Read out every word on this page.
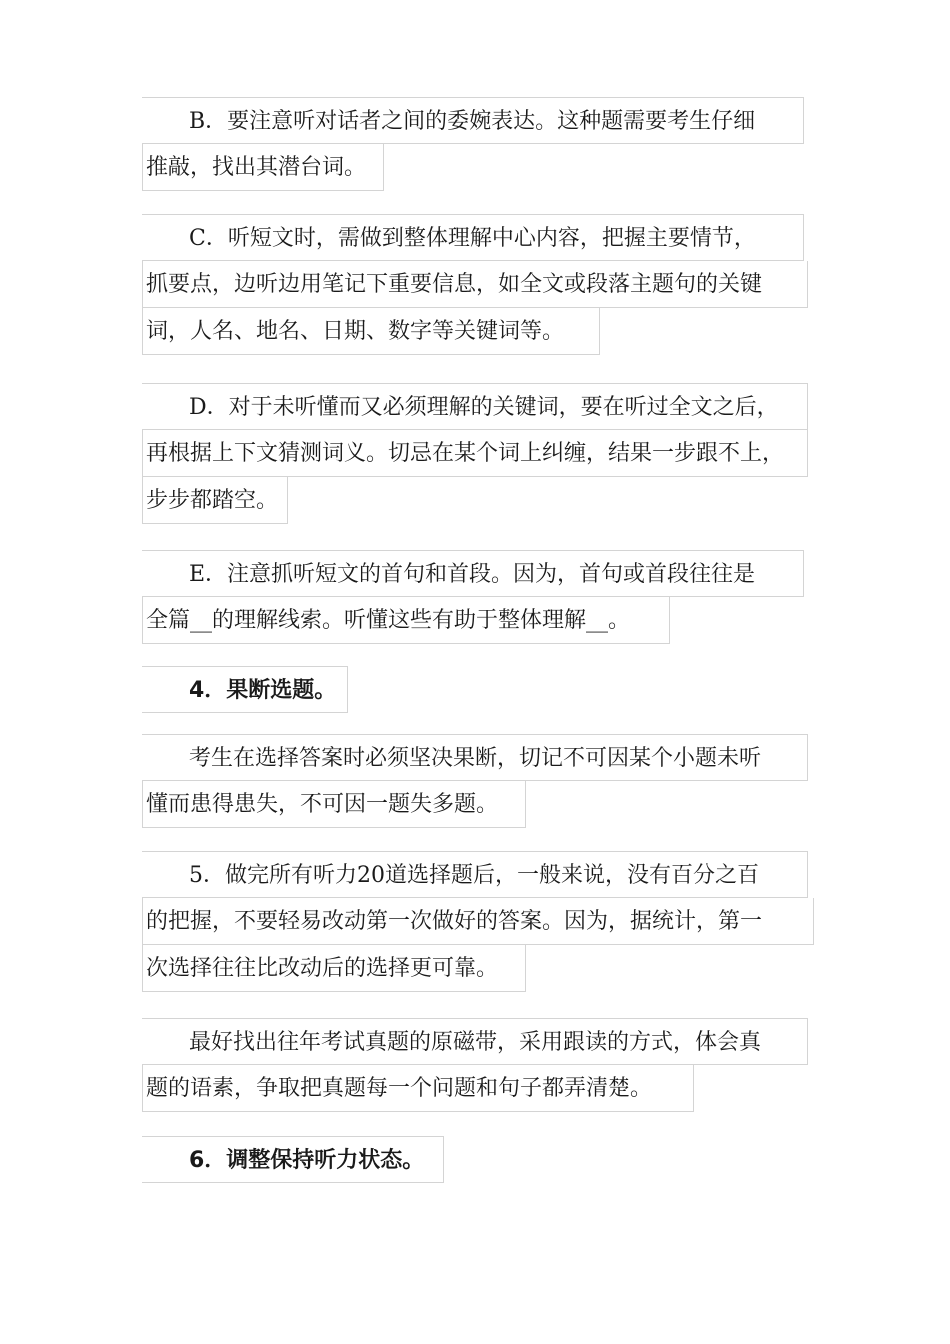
B．要注意听对话者之间的委婉表达。这种题需要考生仔细
推敲，找出其潜台词。
C．听短文时，需做到整体理解中心内容，把握主要情节，
抓要点，边听边用笔记下重要信息，如全文或段落主题句的关键
词，人名、地名、日期、数字等关键词等。
D．对于未听懂而又必须理解的关键词，要在听过全文之后，
再根据上下文猜测词义。切忌在某个词上纠缠，结果一步跟不上，
步步都踏空。
E．注意抓听短文的首句和首段。因为，首句或首段往往是
全篇__的理解线索。听懂这些有助于整体理解__。
4．果断选题。
考生在选择答案时必须坚决果断，切记不可因某个小题未听
懂而患得患失，不可因一题失多题。
5．做完所有听力20道选择题后，一般来说，没有百分之百
的把握，不要轻易改动第一次做好的答案。因为，据统计，第一
次选择往往比改动后的选择更可靠。
最好找出往年考试真题的原磁带，采用跟读的方式，体会真
题的语素，争取把真题每一个问题和句子都弄清楚。
6．调整保持听力状态。
